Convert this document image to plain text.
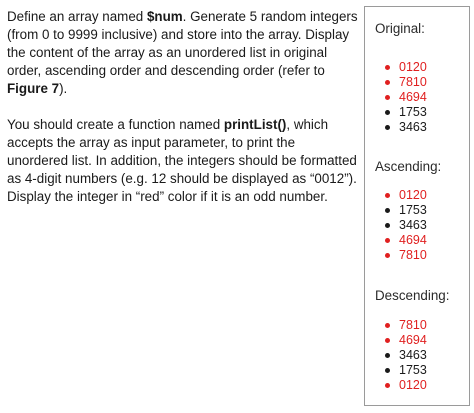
Define an array named $num. Generate 5 random integers (from 0 to 9999 inclusive) and store into the array. Display the content of the array as an unordered list in original order, ascending order and descending order (refer to Figure 7).

You should create a function named printList(), which accepts the array as input parameter, to print the unordered list. In addition, the integers should be formatted as 4-digit numbers (e.g. 12 should be displayed as “0012”). Display the integer in “red” color if it is an odd number.

Original:
0120
7810
4694
1753
3463
Ascending:
0120
1753
3463
4694
7810
Descending:
7810
4694
3463
1753
0120
